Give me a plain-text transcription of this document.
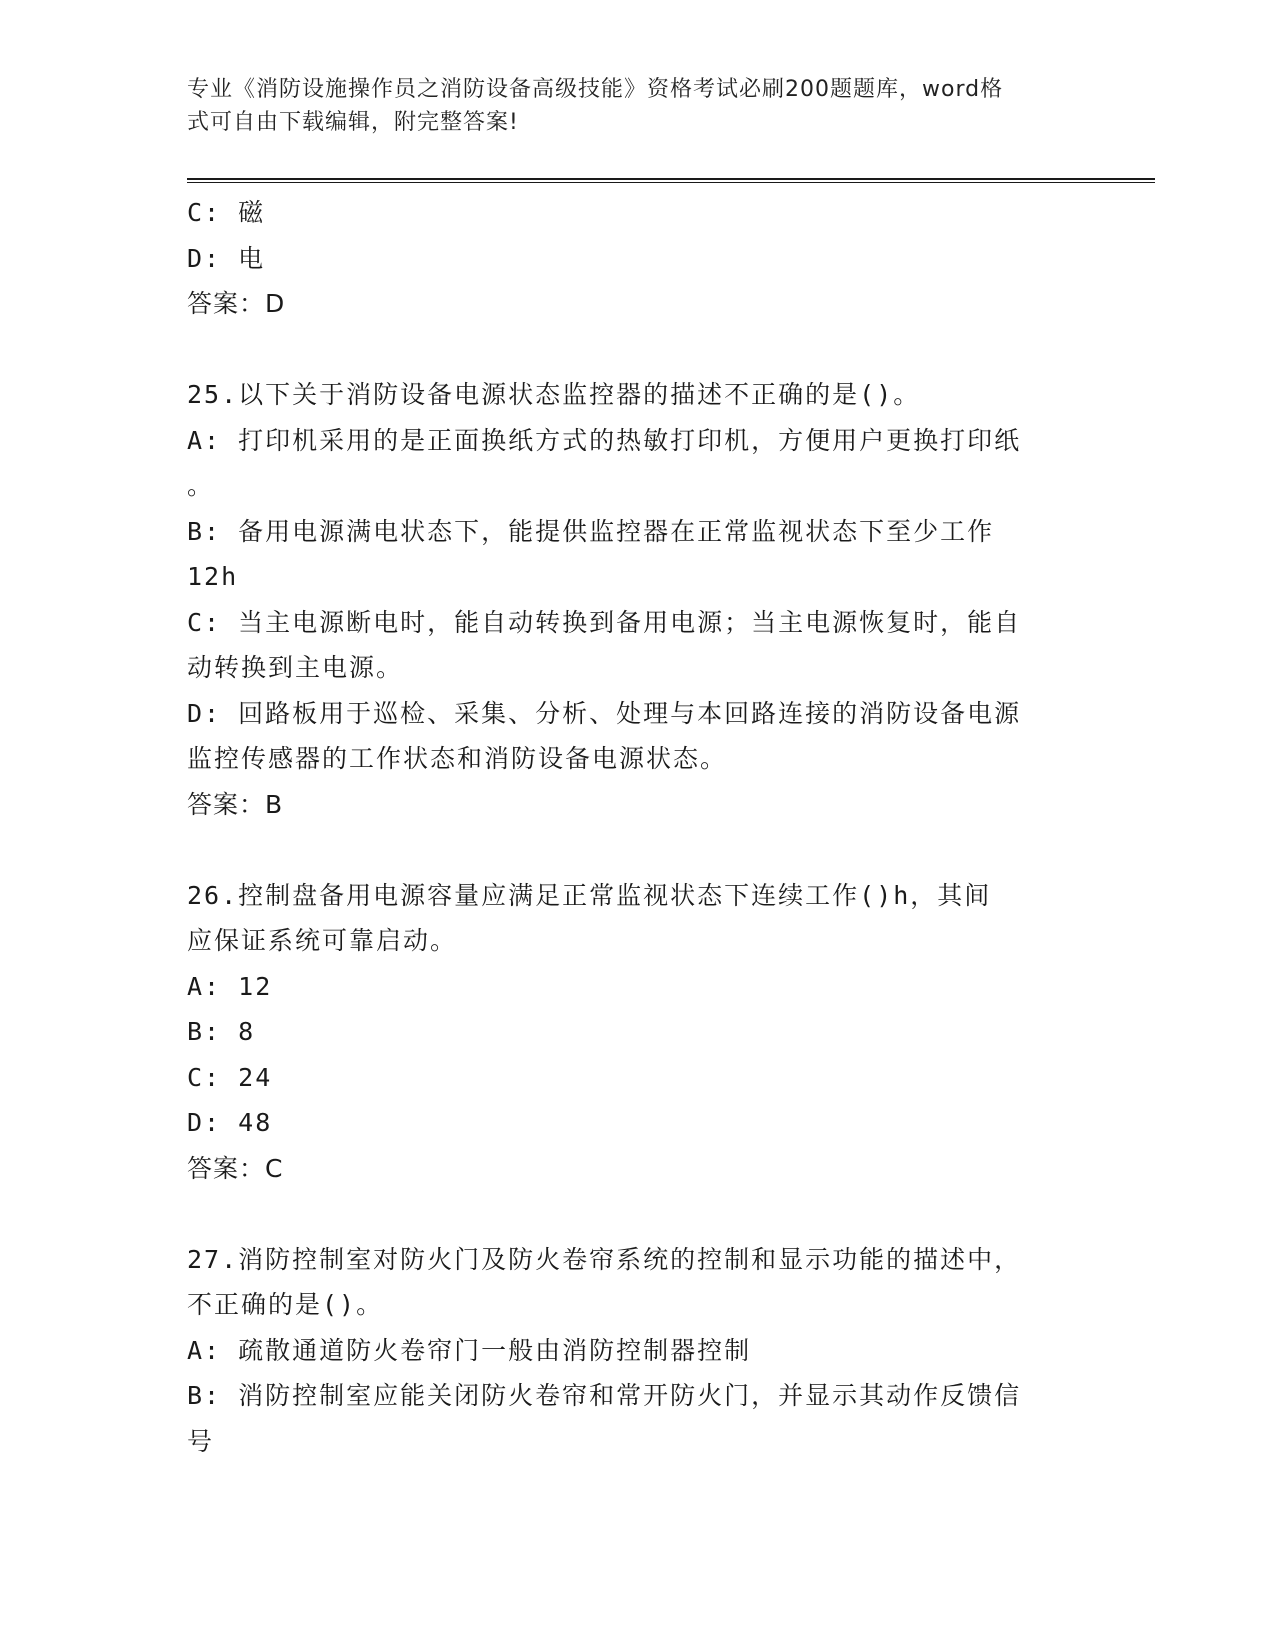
专业《消防设施操作员之消防设备高级技能》资格考试必刷200题题库，word格
式可自由下载编辑，附完整答案!
C: 磁
D: 电
答案：D
25.以下关于消防设备电源状态监控器的描述不正确的是()。
A: 打印机采用的是正面换纸方式的热敏打印机，方便用户更换打印纸
。
B: 备用电源满电状态下，能提供监控器在正常监视状态下至少工作
12h
C: 当主电源断电时，能自动转换到备用电源；当主电源恢复时，能自
动转换到主电源。
D: 回路板用于巡检、采集、分析、处理与本回路连接的消防设备电源
监控传感器的工作状态和消防设备电源状态。
答案：B
26.控制盘备用电源容量应满足正常监视状态下连续工作()h，其间
应保证系统可靠启动。
A: 12
B: 8
C: 24
D: 48
答案：C
27.消防控制室对防火门及防火卷帘系统的控制和显示功能的描述中，
不正确的是()。
A: 疏散通道防火卷帘门一般由消防控制器控制
B: 消防控制室应能关闭防火卷帘和常开防火门，并显示其动作反馈信
号
